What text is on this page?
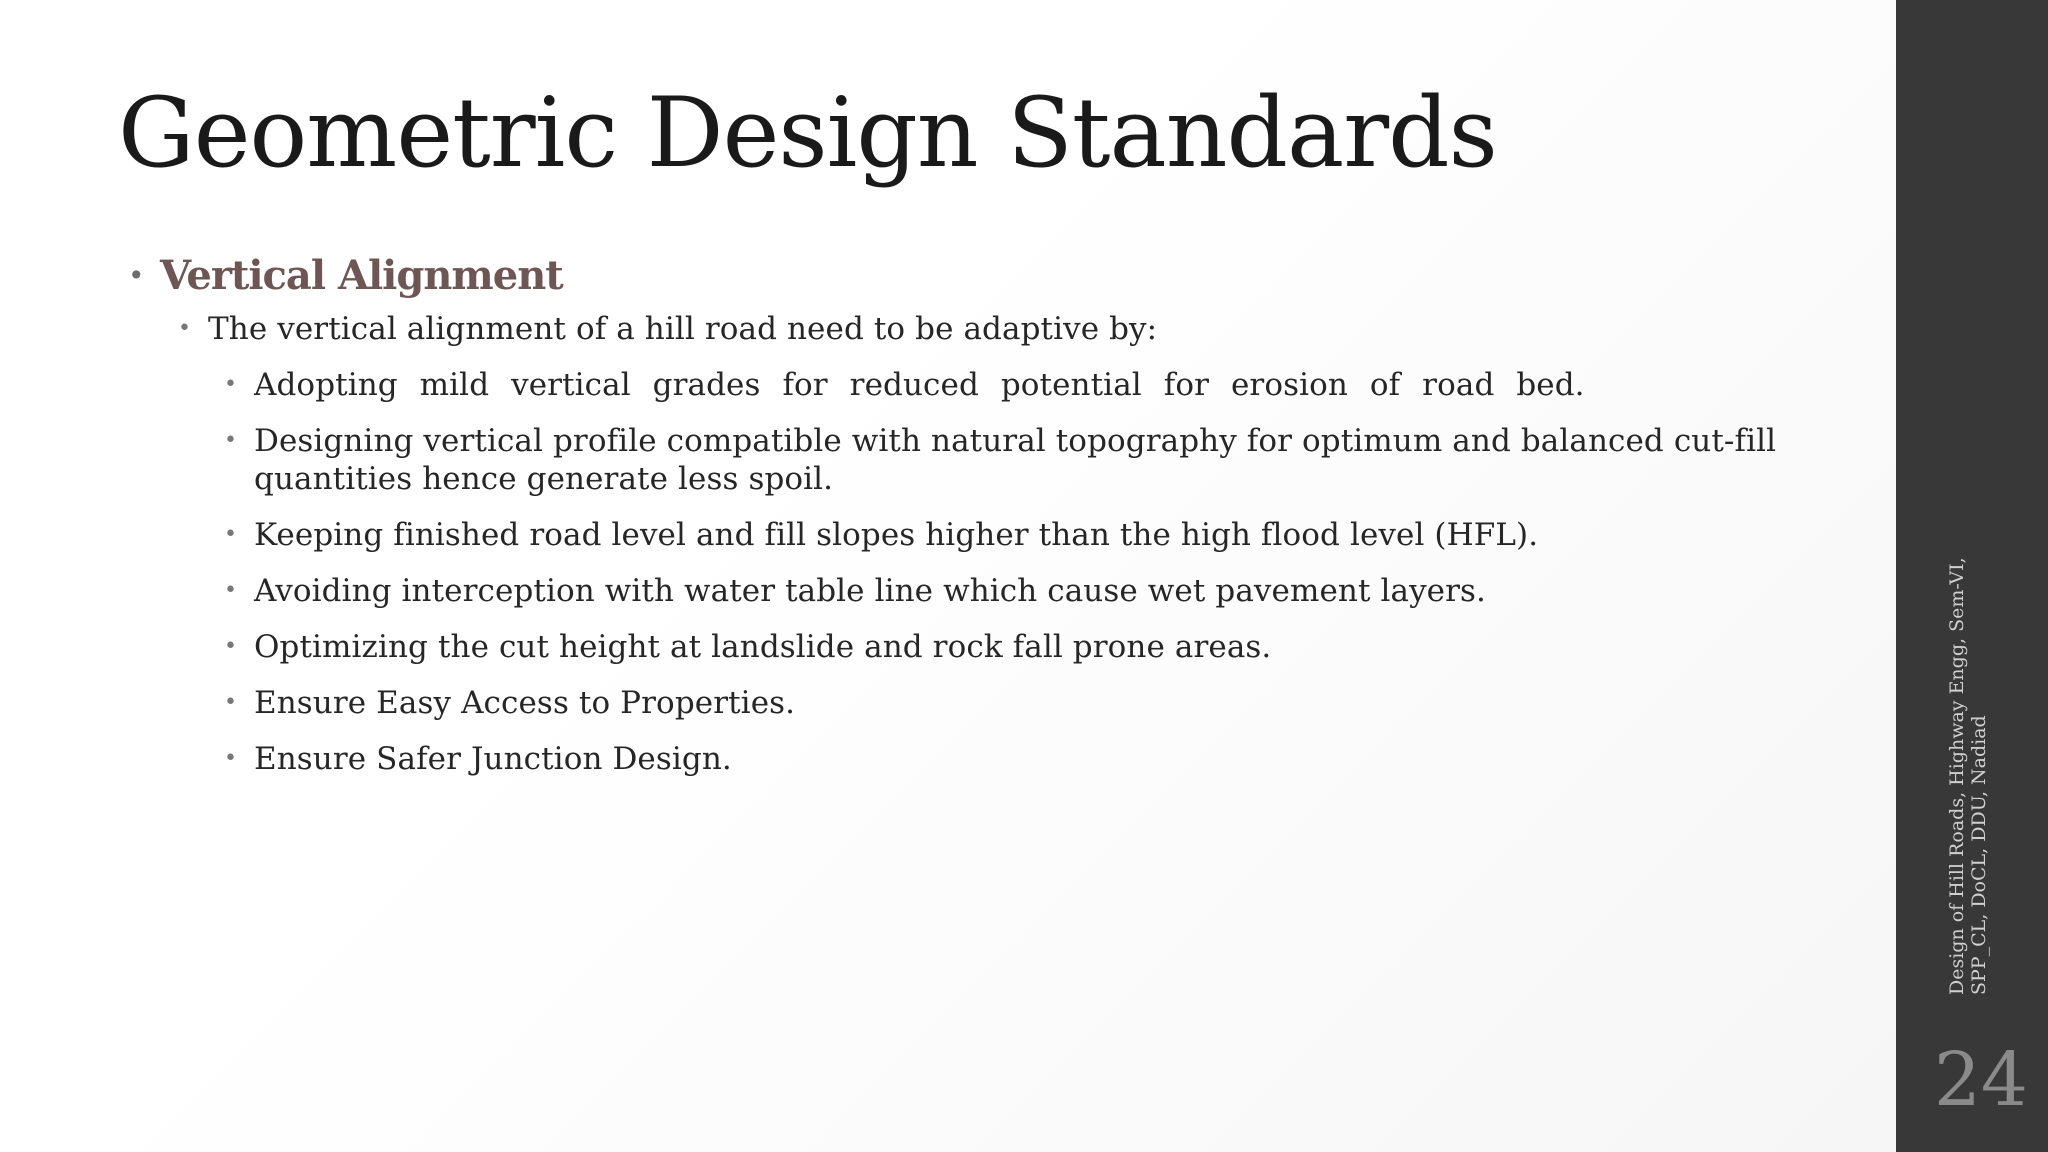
Geometric Design Standards
• Vertical Alignment
• The vertical alignment of a hill road need to be adaptive by:
• Adopting mild vertical grades for reduced potential for erosion of road bed.
• Designing vertical profile compatible with natural topography for optimum and balanced cut-fill quantities hence generate less spoil.
• Keeping finished road level and fill slopes higher than the high flood level (HFL).
• Avoiding interception with water table line which cause wet pavement layers.
• Optimizing the cut height at landslide and rock fall prone areas.
• Ensure Easy Access to Properties.
• Ensure Safer Junction Design.	Design of Hill Roads, Highway Engg, Sem-VI, SPP_CL, DoCL, DDU, Nadiad

24
